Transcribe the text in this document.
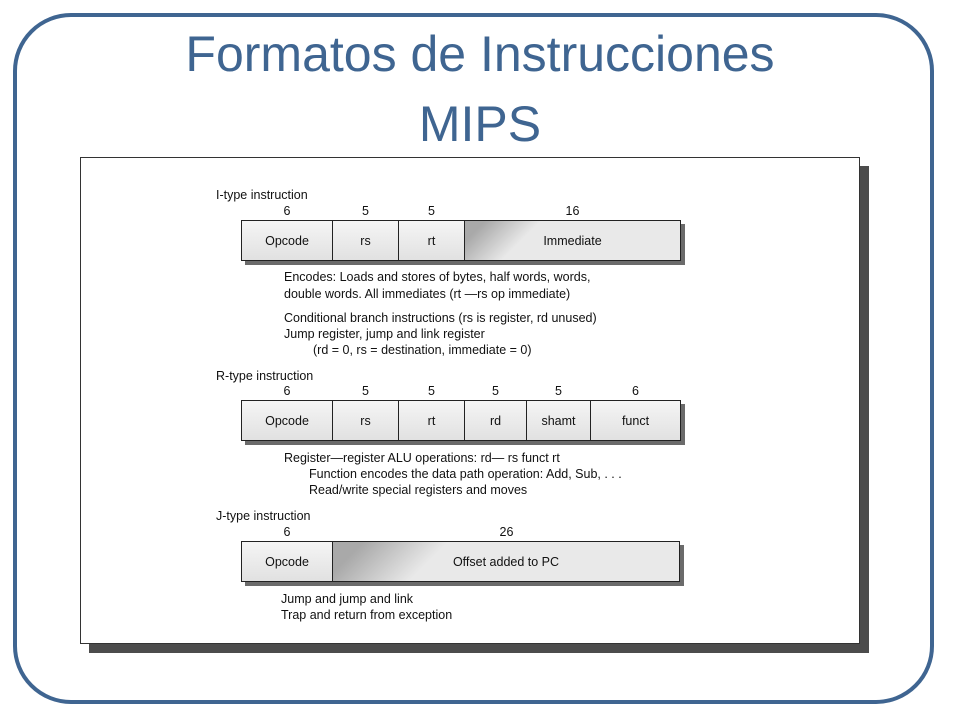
Formatos de Instrucciones
MIPS
I-type instruction
6	5	5	16
Opcode	rs	rt	Immediate
Encodes: Loads and stores of bytes, half words, words,
double words. All immediates (rt —rs op immediate)
Conditional branch instructions (rs is register, rd unused)
Jump register, jump and link register
(rd = 0, rs = destination, immediate = 0)
R-type instruction
6	5	5	5	5	6
Opcode	rs	rt	rd	shamt	funct
Register—register ALU operations: rd— rs funct rt
Function encodes the data path operation: Add, Sub, . . .
Read/write special registers and moves
J-type instruction
6	26
Opcode	Offset added to PC
Jump and jump and link
Trap and return from exception
